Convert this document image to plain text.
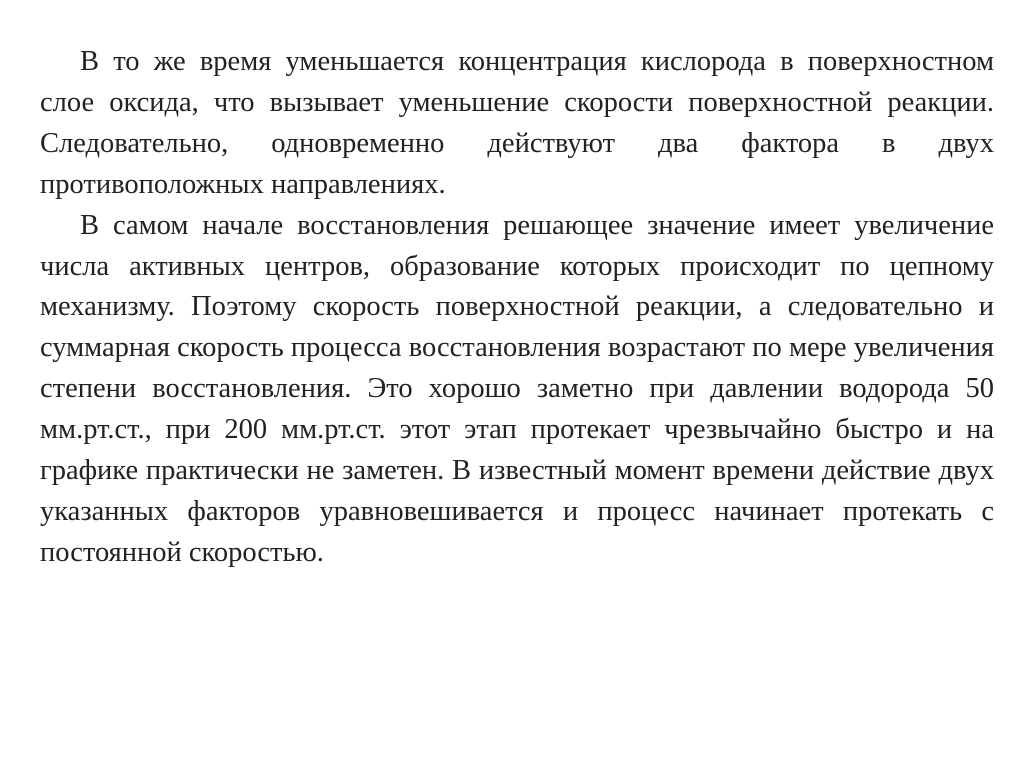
В то же время уменьшается концентрация кислорода в поверхностном слое оксида, что вызывает уменьшение скорости поверхностной реакции. Следовательно, одновременно действуют два фактора в двух противоположных направлениях.

В самом начале восстановления решающее значение имеет увеличение числа активных центров, образование которых происходит по цепному механизму. Поэтому скорость поверхностной реакции, а следовательно и суммарная скорость процесса восстановления возрастают по мере увеличения степени восстановления. Это хорошо заметно при давлении водорода 50 мм.рт.ст., при 200 мм.рт.ст. этот этап протекает чрезвычайно быстро и на графике практически не заметен. В известный момент времени действие двух указанных факторов уравновешивается и процесс начинает протекать с постоянной скоростью.
